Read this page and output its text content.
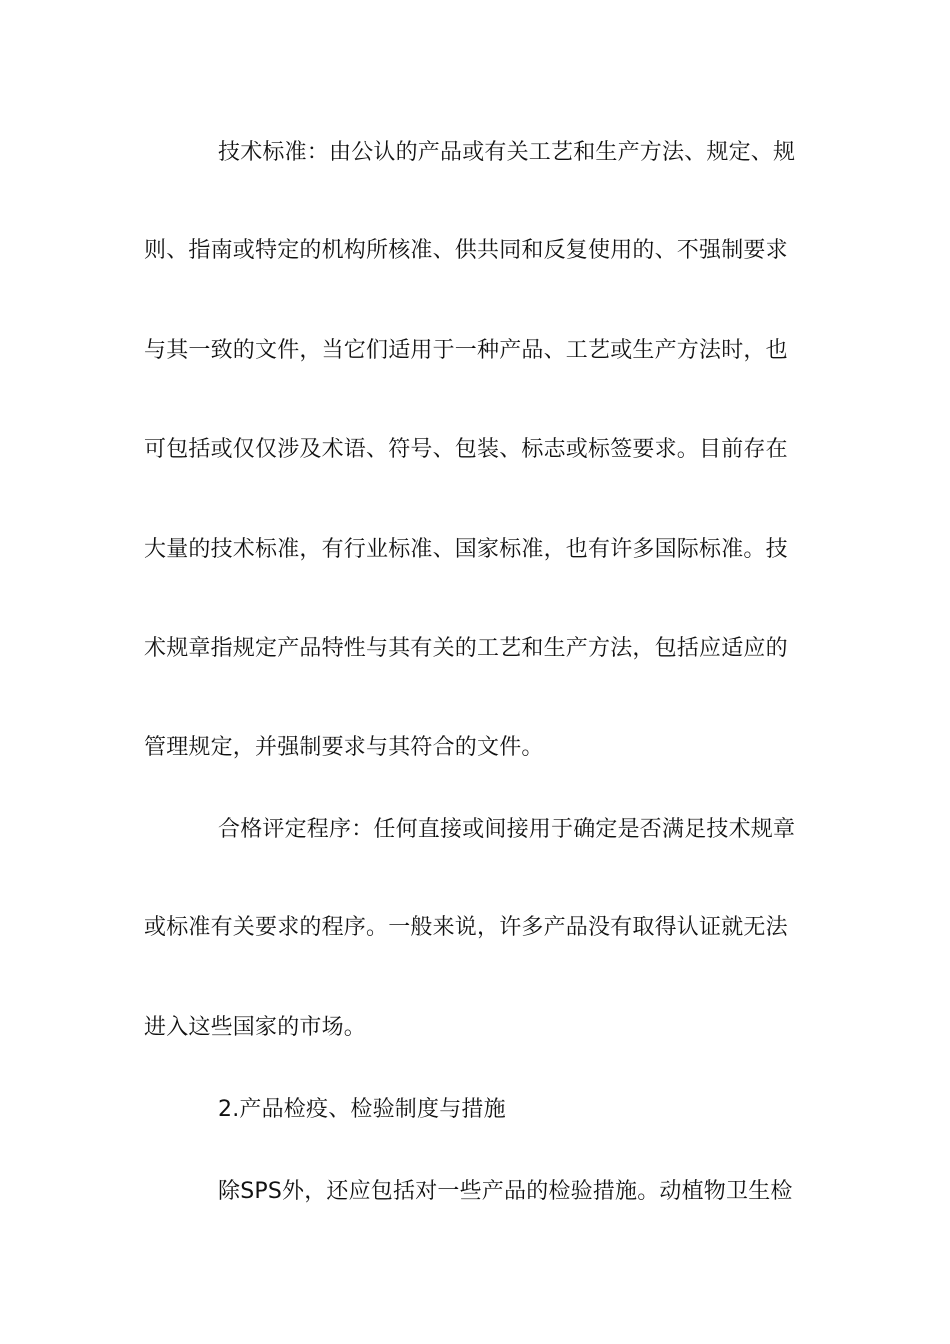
技术标准：由公认的产品或有关工艺和生产方法、规定、规
则、指南或特定的机构所核准、供共同和反复使用的、不强制要求
与其一致的文件，当它们适用于一种产品、工艺或生产方法时，也
可包括或仅仅涉及术语、符号、包装、标志或标签要求。目前存在
大量的技术标准，有行业标准、国家标准，也有许多国际标准。技
术规章指规定产品特性与其有关的工艺和生产方法，包括应适应的
管理规定，并强制要求与其符合的文件。
合格评定程序：任何直接或间接用于确定是否满足技术规章
或标准有关要求的程序。一般来说，许多产品没有取得认证就无法
进入这些国家的市场。
2.产品检疫、检验制度与措施
除SPS外，还应包括对一些产品的检验措施。动植物卫生检
